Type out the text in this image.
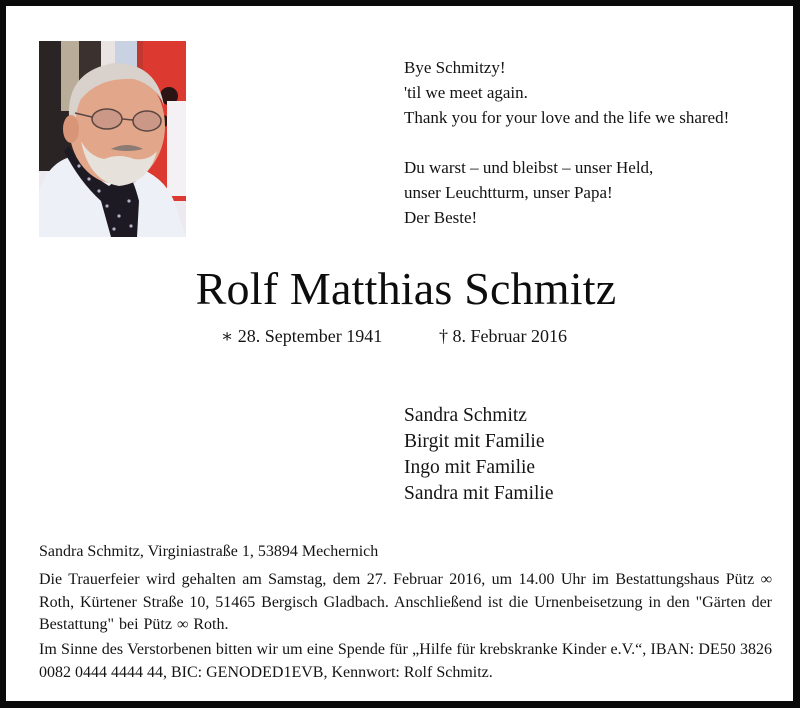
Bye Schmitzy!
'til we meet again.
Thank you for your love and the life we shared!
Du warst – und bleibst – unser Held,
unser Leuchtturm, unser Papa!
Der Beste!
Rolf Matthias Schmitz
∗ 28. September 1941	† 8. Februar 2016
Sandra Schmitz
Birgit mit Familie
Ingo mit Familie
Sandra mit Familie
Sandra Schmitz, Virginiastraße 1, 53894 Mechernich
Die Trauerfeier wird gehalten am Samstag, dem 27. Februar 2016, um 14.00 Uhr im Bestattungshaus Pütz ∞ Roth, Kürtener Straße 10, 51465 Bergisch Gladbach. Anschließend ist die Urnenbeisetzung in den "Gärten der Bestattung" bei Pütz ∞ Roth.
Im Sinne des Verstorbenen bitten wir um eine Spende für „Hilfe für krebskranke Kinder e.V.“, IBAN: DE50 3826 0082 0444 4444 44, BIC: GENODED1EVB, Kennwort: Rolf Schmitz.
